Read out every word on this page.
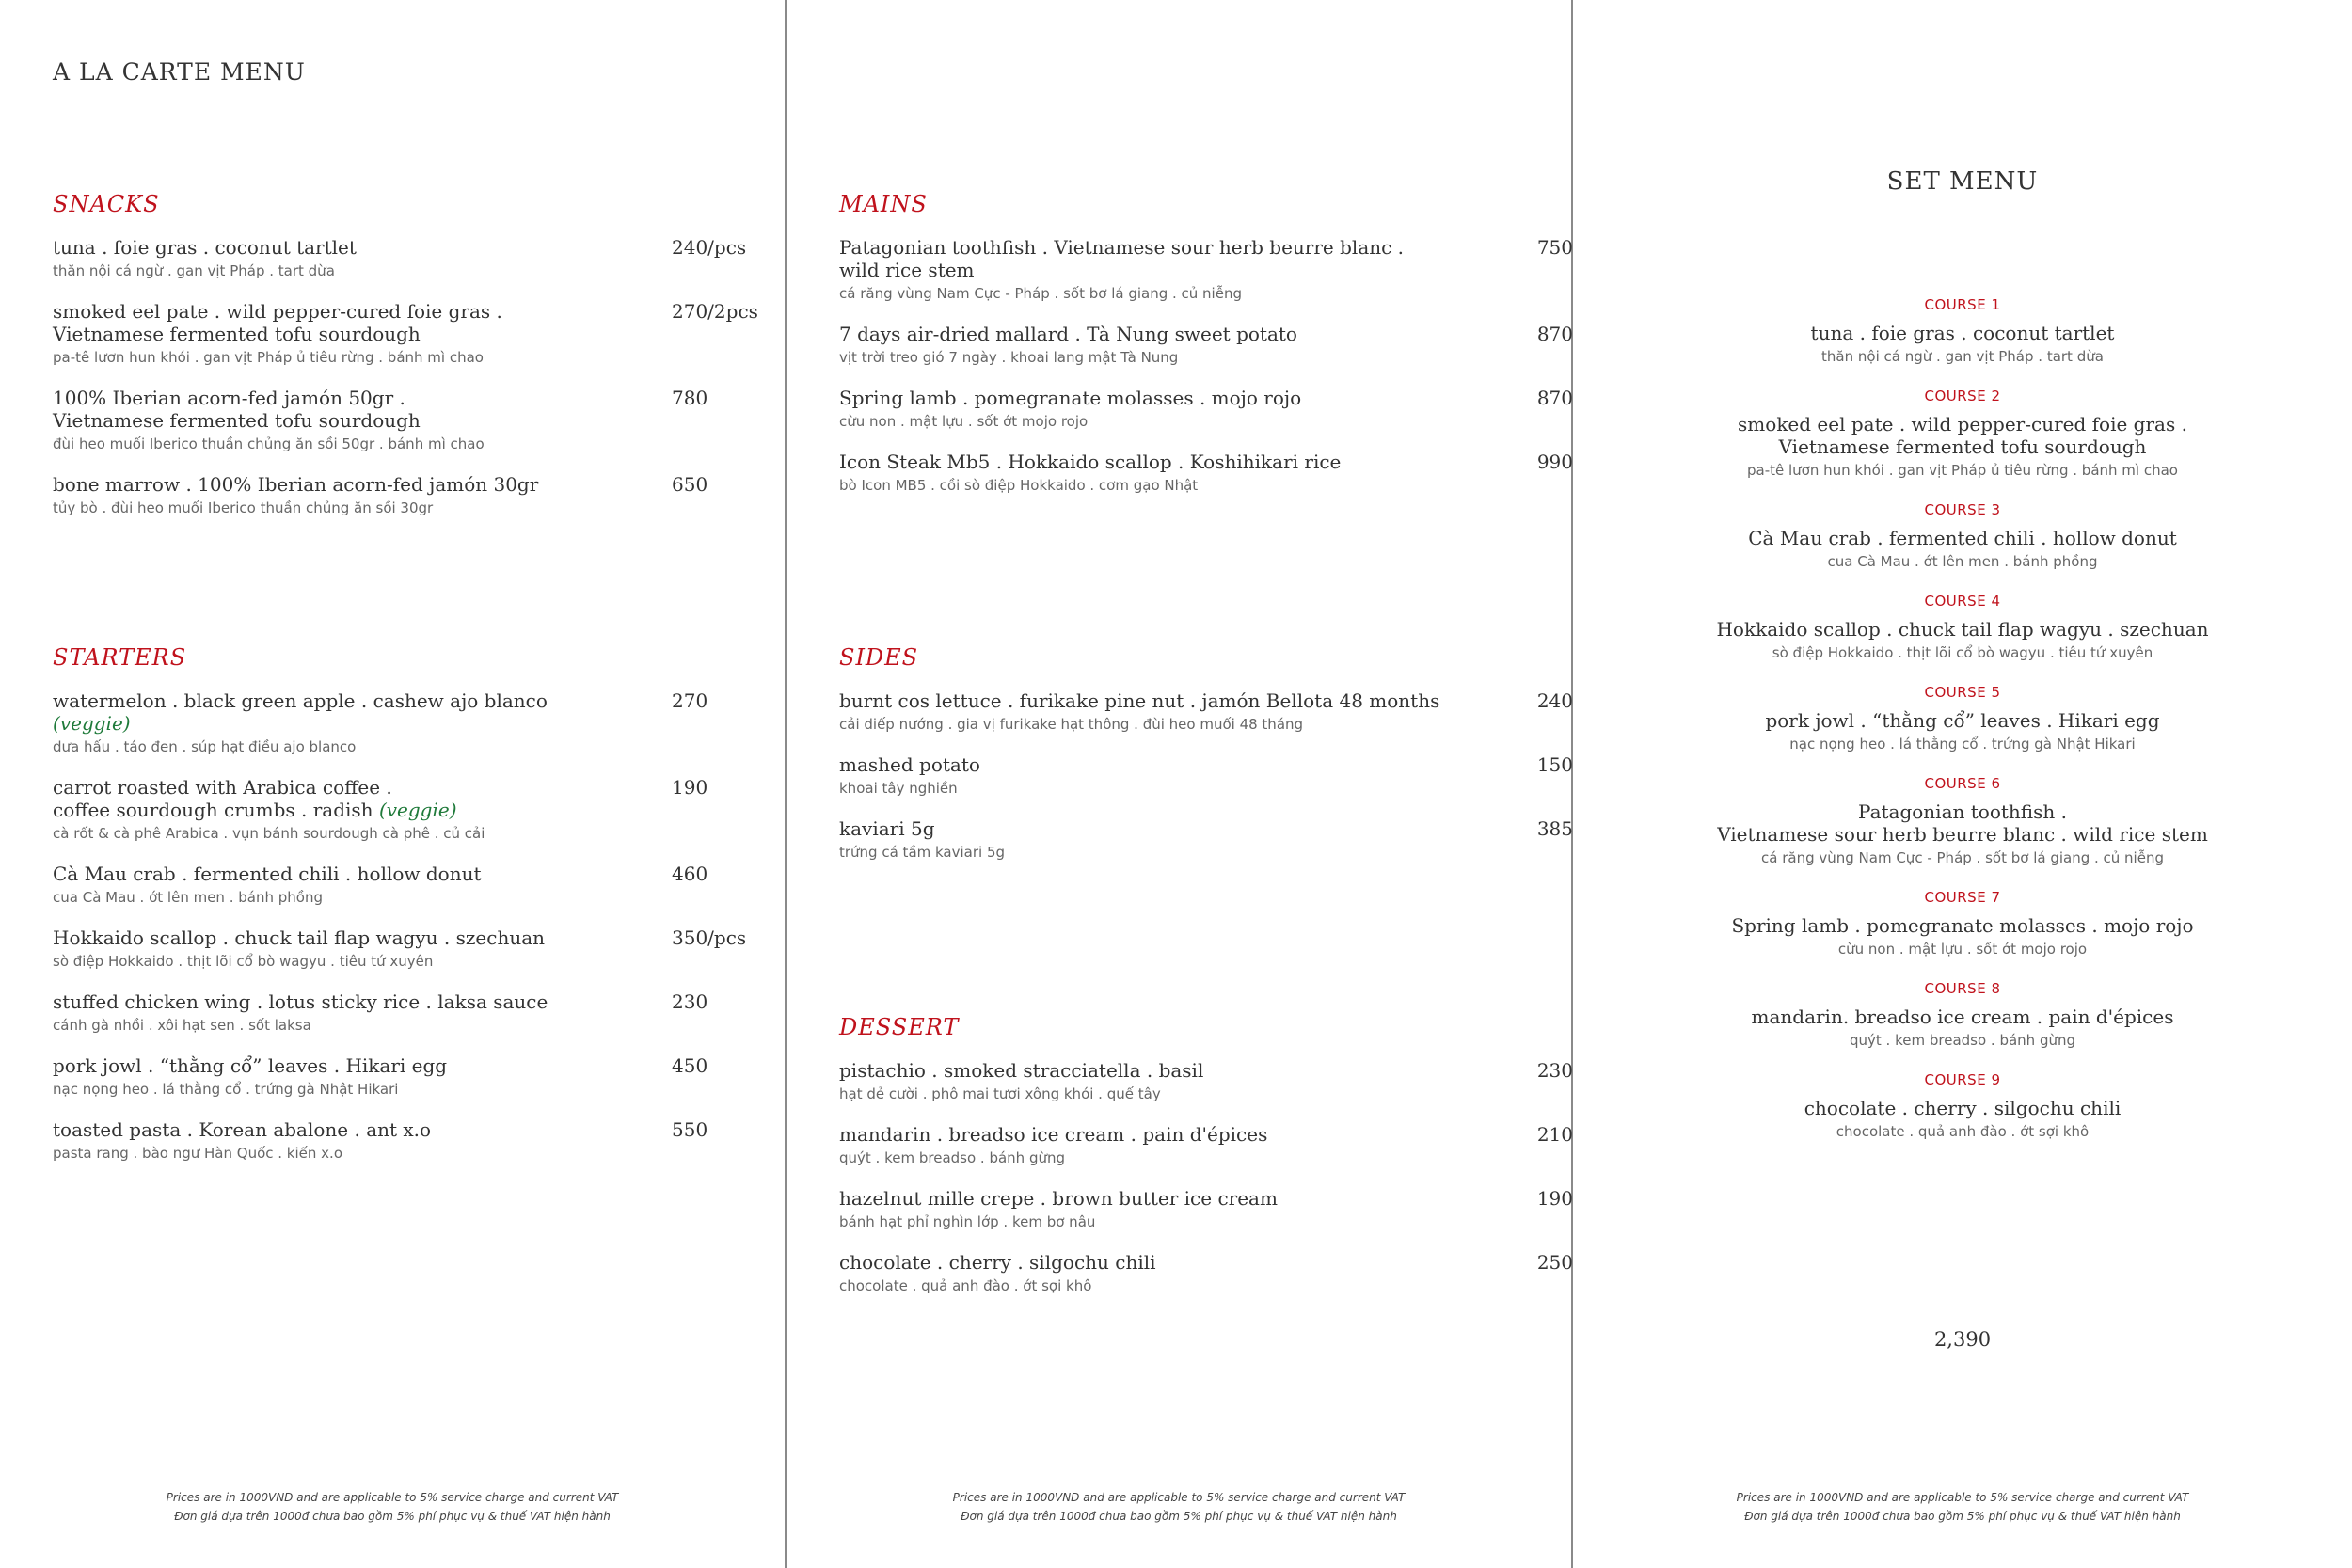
A LA CARTE MENU
SNACKS
tuna . foie gras . coconut tartlet
thăn nội cá ngừ . gan vịt Pháp . tart dừa
240/pcs
smoked eel pate . wild pepper-cured foie gras .
Vietnamese fermented tofu sourdough
pa-tê lươn hun khói . gan vịt Pháp ủ tiêu rừng . bánh mì chao
270/2pcs
100% Iberian acorn-fed jamón 50gr .
Vietnamese fermented tofu sourdough
đùi heo muối Iberico thuần chủng ăn sồi 50gr . bánh mì chao
780
bone marrow . 100% Iberian acorn-fed jamón 30gr
tủy bò . đùi heo muối Iberico thuần chủng ăn sồi 30gr
650
STARTERS
watermelon . black green apple . cashew ajo blanco (veggie)
dưa hấu . táo đen . súp hạt điều ajo blanco
270
carrot roasted with Arabica coffee .
coffee sourdough crumbs . radish (veggie)
cà rốt & cà phê Arabica . vụn bánh sourdough cà phê . củ cải
190
Cà Mau crab . fermented chili . hollow donut
cua Cà Mau . ớt lên men . bánh phồng
460
Hokkaido scallop . chuck tail flap wagyu . szechuan
sò điệp Hokkaido . thịt lõi cổ bò wagyu . tiêu tứ xuyên
350/pcs
stuffed chicken wing . lotus sticky rice . laksa sauce
cánh gà nhồi . xôi hạt sen . sốt laksa
230
pork jowl . “thằng cổ” leaves . Hikari egg
nạc nọng heo . lá thằng cổ . trứng gà Nhật Hikari
450
toasted pasta . Korean abalone . ant x.o
pasta rang . bào ngư Hàn Quốc . kiến x.o
550
Prices are in 1000VND and are applicable to 5% service charge and current VAT
Đơn giá dựa trên 1000đ chưa bao gồm 5% phí phục vụ & thuế VAT hiện hành
MAINS
Patagonian toothfish . Vietnamese sour herb beurre blanc .
wild rice stem
cá răng vùng Nam Cực - Pháp . sốt bơ lá giang . củ niễng
750
7 days air-dried mallard . Tà Nung sweet potato
vịt trời treo gió 7 ngày . khoai lang mật Tà Nung
870
Spring lamb . pomegranate molasses . mojo rojo
cừu non . mật lựu . sốt ớt mojo rojo
870
Icon Steak Mb5 . Hokkaido scallop . Koshihikari rice
bò Icon MB5 . cồi sò điệp Hokkaido . cơm gạo Nhật
990
SIDES
burnt cos lettuce . furikake pine nut . jamón Bellota 48 months
cải diếp nướng . gia vị furikake hạt thông . đùi heo muối 48 tháng
240
mashed potato
khoai tây nghiền
150
kaviari 5g
trứng cá tầm kaviari 5g
385
DESSERT
pistachio . smoked stracciatella . basil
hạt dẻ cười . phô mai tươi xông khói . quế tây
230
mandarin . breadso ice cream . pain d'épices
quýt . kem breadso . bánh gừng
210
hazelnut mille crepe . brown butter ice cream
bánh hạt phỉ nghìn lớp . kem bơ nâu
190
chocolate . cherry . silgochu chili
chocolate . quả anh đào . ớt sợi khô
250
Prices are in 1000VND and are applicable to 5% service charge and current VAT
Đơn giá dựa trên 1000đ chưa bao gồm 5% phí phục vụ & thuế VAT hiện hành
SET MENU
COURSE 1
tuna . foie gras . coconut tartlet
thăn nội cá ngừ . gan vịt Pháp . tart dừa
COURSE 2
smoked eel pate . wild pepper-cured foie gras .
Vietnamese fermented tofu sourdough
pa-tê lươn hun khói . gan vịt Pháp ủ tiêu rừng . bánh mì chao
COURSE 3
Cà Mau crab . fermented chili . hollow donut
cua Cà Mau . ớt lên men . bánh phồng
COURSE 4
Hokkaido scallop . chuck tail flap wagyu . szechuan
sò điệp Hokkaido . thịt lõi cổ bò wagyu . tiêu tứ xuyên
COURSE 5
pork jowl . “thằng cổ” leaves . Hikari egg
nạc nọng heo . lá thằng cổ . trứng gà Nhật Hikari
COURSE 6
Patagonian toothfish .
Vietnamese sour herb beurre blanc . wild rice stem
cá răng vùng Nam Cực - Pháp . sốt bơ lá giang . củ niễng
COURSE 7
Spring lamb . pomegranate molasses . mojo rojo
cừu non . mật lựu . sốt ớt mojo rojo
COURSE 8
mandarin. breadso ice cream . pain d'épices
quýt . kem breadso . bánh gừng
COURSE 9
chocolate . cherry . silgochu chili
chocolate . quả anh đào . ớt sợi khô
2,390
Prices are in 1000VND and are applicable to 5% service charge and current VAT
Đơn giá dựa trên 1000đ chưa bao gồm 5% phí phục vụ & thuế VAT hiện hành
